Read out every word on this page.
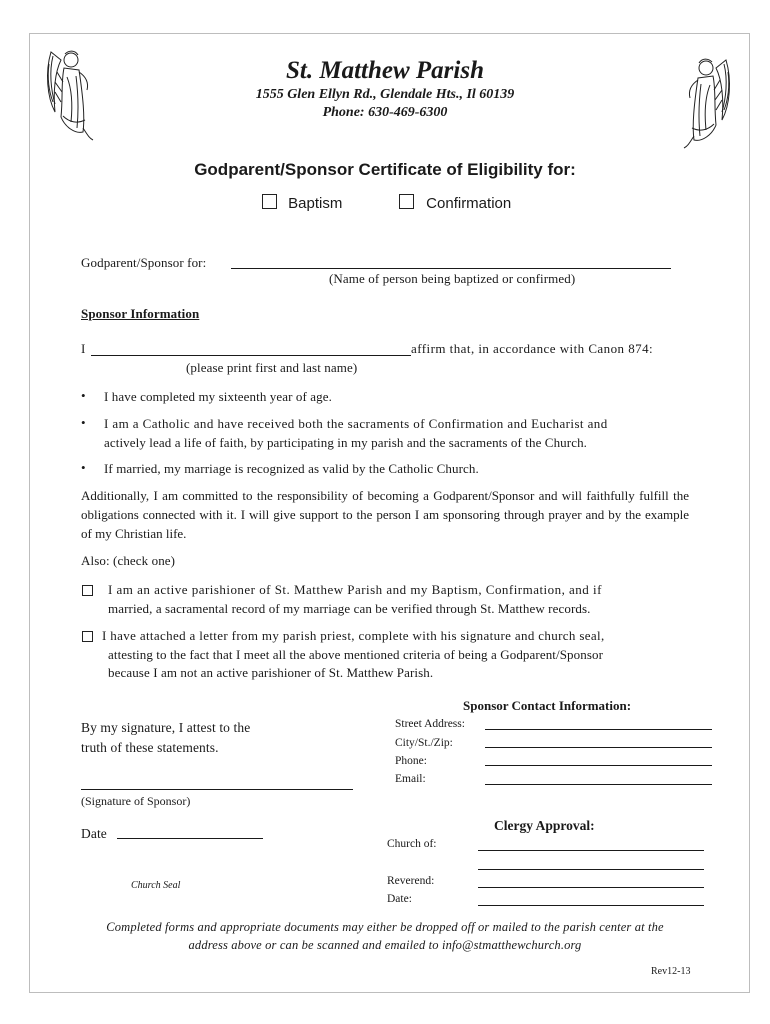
St. Matthew Parish
1555 Glen Ellyn Rd., Glendale Hts., Il 60139
Phone: 630-469-6300
Godparent/Sponsor Certificate of Eligibility for:
Baptism	Confirmation
Godparent/Sponsor for:
(Name of person being baptized or confirmed)
Sponsor Information
I	affirm that, in accordance with Canon 874:
(please print first and last name)
• I have completed my sixteenth year of age.
• I am a Catholic and have received both the sacraments of Confirmation and Eucharist and
actively lead a life of faith, by participating in my parish and the sacraments of the Church.
• If married, my marriage is recognized as valid by the Catholic Church.
Additionally, I am committed to the responsibility of becoming a Godparent/Sponsor and will faithfully fulfill the obligations connected with it. I will give support to the person I am sponsoring through prayer and by the example of my Christian life.
Also: (check one)
I am an active parishioner of St. Matthew Parish and my Baptism, Confirmation, and if
married, a sacramental record of my marriage can be verified through St. Matthew records.
I have attached a letter from my parish priest, complete with his signature and church seal,
attesting to the fact that I meet all the above mentioned criteria of being a Godparent/Sponsor
because I am not an active parishioner of St. Matthew Parish.
By my signature, I attest to the
truth of these statements.
(Signature of Sponsor)
Date
Church Seal
Sponsor Contact Information:
Street Address:
City/St./Zip:
Phone:
Email:
Clergy Approval:
Church of:
Reverend:
Date:
Completed forms and appropriate documents may either be dropped off or mailed to the parish center at the
address above or can be scanned and emailed to info@stmatthewchurch.org
Rev12-13
